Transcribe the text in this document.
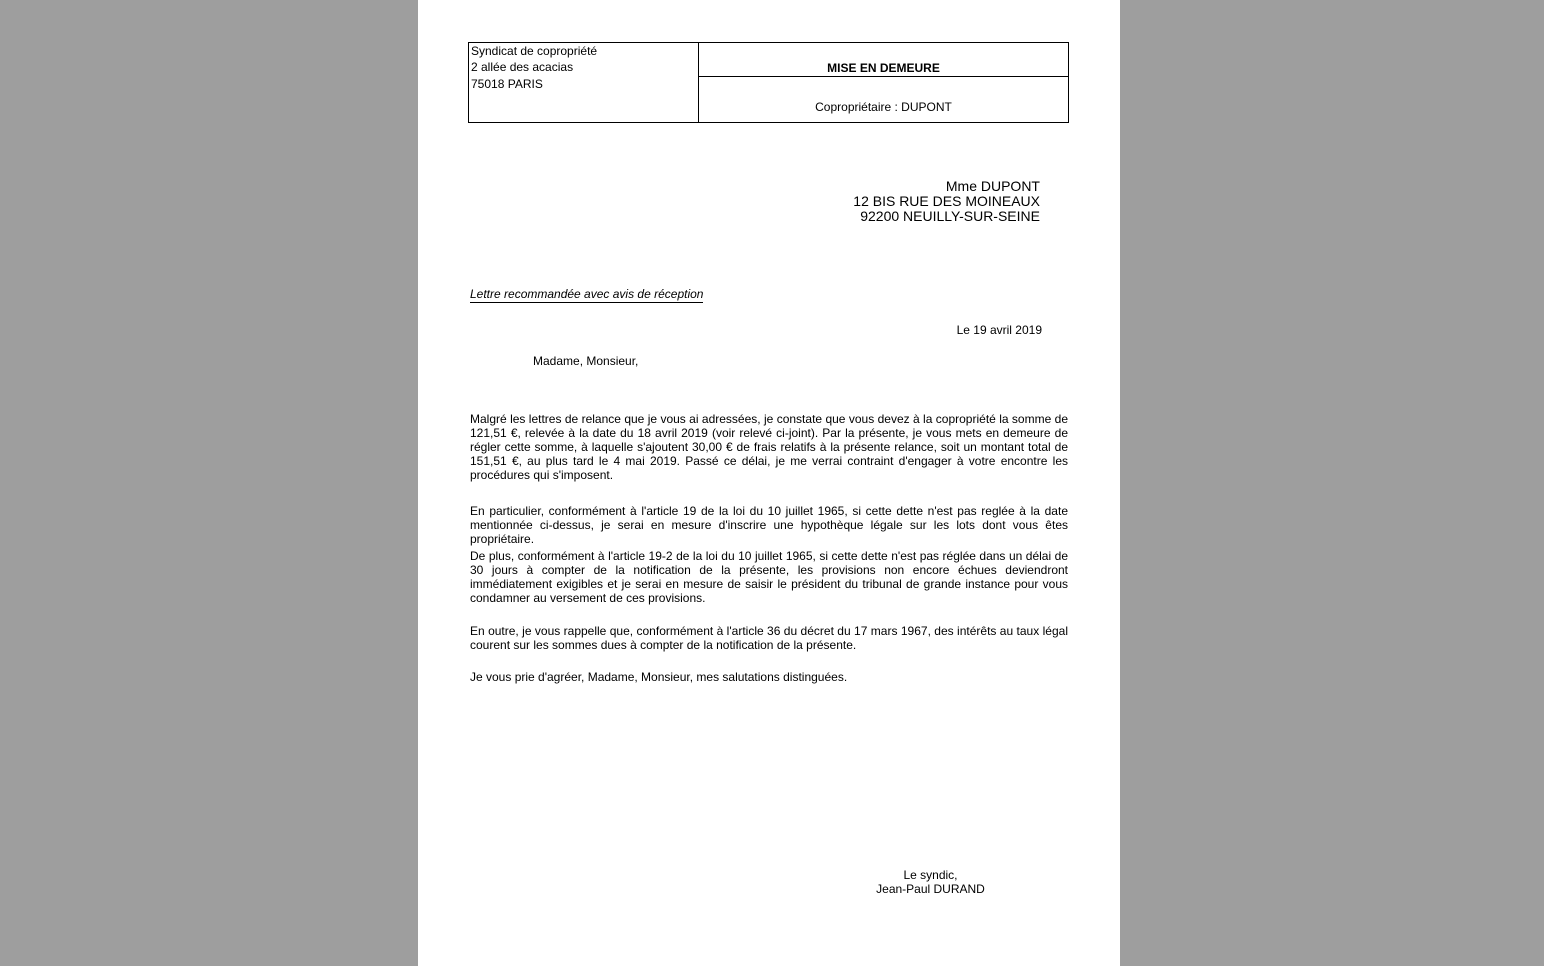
Syndicat de copropriété
2 allée des acacias
75018 PARIS
MISE EN DEMEURE
Copropriétaire : DUPONT
Mme DUPONT
12 BIS RUE DES MOINEAUX
92200 NEUILLY-SUR-SEINE
Lettre recommandée avec avis de réception
Le 19 avril 2019
Madame, Monsieur,
Malgré les lettres de relance que je vous ai adressées, je constate que vous devez à la copropriété la somme de 121,51 €, relevée à la date du 18 avril 2019 (voir relevé ci-joint). Par la présente, je vous mets en demeure de régler cette somme, à laquelle s'ajoutent 30,00 € de frais relatifs à la présente relance, soit un montant total de 151,51 €, au plus tard le 4 mai 2019. Passé ce délai, je me verrai contraint d'engager à votre encontre les procédures qui s'imposent.
En particulier, conformément à l'article 19 de la loi du 10 juillet 1965, si cette dette n'est pas reglée à la date mentionnée ci-dessus, je serai en mesure d'inscrire une hypothèque légale sur les lots dont vous êtes propriétaire.
De plus, conformément à l'article 19-2 de la loi du 10 juillet 1965, si cette dette n'est pas réglée dans un délai de 30 jours à compter de la notification de la présente, les provisions non encore échues deviendront immédiatement exigibles et je serai en mesure de saisir le président du tribunal de grande instance pour vous condamner au versement de ces provisions.
En outre, je vous rappelle que, conformément à l'article 36 du décret du 17 mars 1967, des intérêts au taux légal courent sur les sommes dues à compter de la notification de la présente.
Je vous prie d'agréer, Madame, Monsieur, mes salutations distinguées.
Le syndic,
Jean-Paul DURAND
